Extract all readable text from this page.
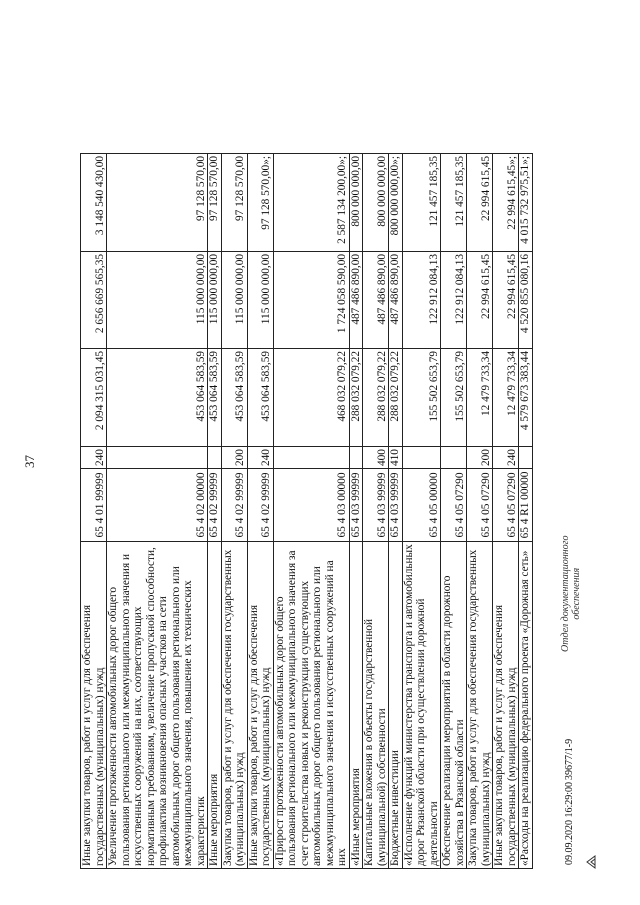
37
Иные закупки товаров, работ и услуг для обеспечения государственных (муниципальных) нужд	65 4 01 99999	240	2 094 315 031,45	2 656 669 565,35	3 148 540 430,00
Увеличение протяженности автомобильных дорог общего пользования регионального или межмуниципального значения и искусственных сооружений на них, соответствующих нормативным требованиям, увеличение пропускной способности, профилактика возникновения опасных участков на сети автомобильных дорог общего пользования регионального или межмуниципального значения, повышение их технических характеристик	65 4 02 00000		453 064 583,59	115 000 000,00	97 128 570,00
Иные мероприятия	65 4 02 99999		453 064 583,59	115 000 000,00	97 128 570,00
Закупка товаров, работ и услуг для обеспечения государственных (муниципальных) нужд	65 4 02 99999	200	453 064 583,59	115 000 000,00	97 128 570,00
Иные закупки товаров, работ и услуг для обеспечения государственных (муниципальных) нужд	65 4 02 99999	240	453 064 583,59	115 000 000,00	97 128 570,00»;
«Прирост протяженности автомобильных дорог общего пользования регионального или межмуниципального значения за счет строительства новых и реконструкции существующих автомобильных дорог общего пользования регионального или межмуниципального значения и искусственных сооружений на них	65 4 03 00000		468 032 079,22	1 724 058 590,00	2 587 134 200,00»;
«Иные мероприятия	65 4 03 99999		288 032 079,22	487 486 890,00	800 000 000,00
Капитальные вложения в объекты государственной (муниципальной) собственности	65 4 03 99999	400	288 032 079,22	487 486 890,00	800 000 000,00
Бюджетные инвестиции	65 4 03 99999	410	288 032 079,22	487 486 890,00	800 000 000,00»;
«Исполнение функций министерства транспорта и автомобильных дорог Рязанской области при осуществлении дорожной деятельности	65 4 05 00000		155 502 653,79	122 912 084,13	121 457 185,35
Обеспечение реализации мероприятий в области дорожного хозяйства в Рязанской области	65 4 05 07290		155 502 653,79	122 912 084,13	121 457 185,35
Закупка товаров, работ и услуг для обеспечения государственных (муниципальных) нужд	65 4 05 07290	200	12 479 733,34	22 994 615,45	22 994 615,45
Иные закупки товаров, работ и услуг для обеспечения государственных (муниципальных) нужд	65 4 05 07290	240	12 479 733,34	22 994 615,45	22 994 615,45»;
«Расходы на реализацию федерального проекта «Дорожная сеть»	65 4 R1 00000		4 579 673 383,44	4 520 855 080,16	4 015 732 975,51»;
09.09.2020 16:29:00
39677/1-9
Отдел документационного обеспечения
